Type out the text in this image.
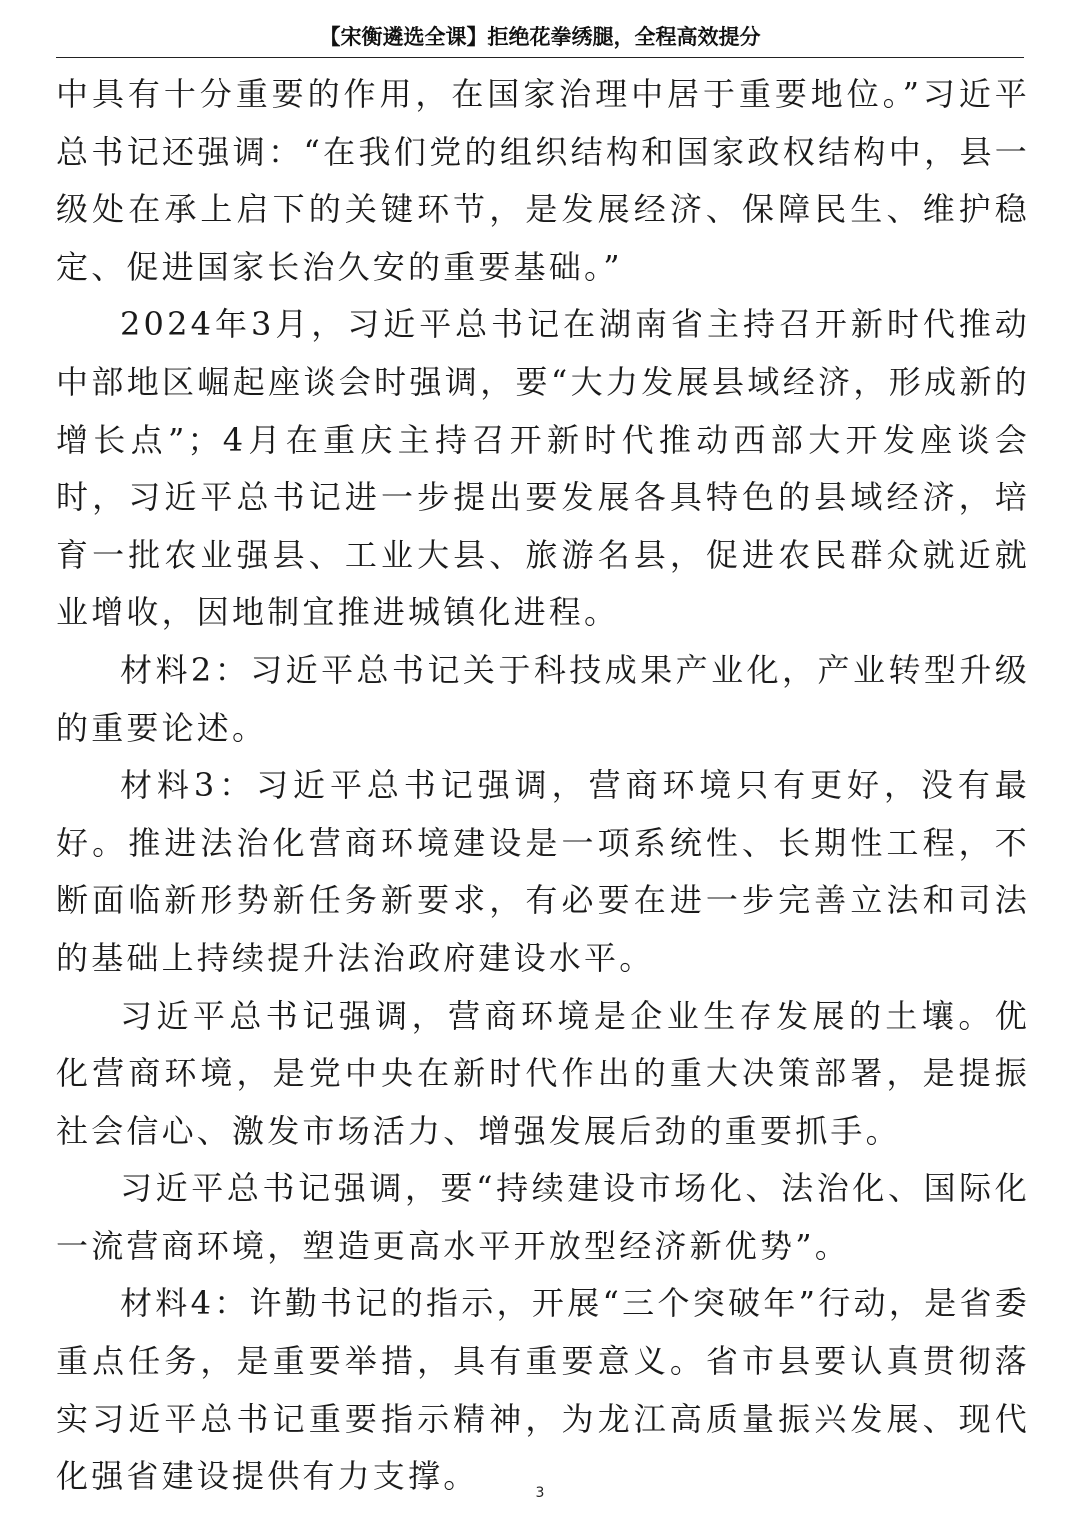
【宋衡遴选全课】拒绝花拳绣腿，全程高效提分

中具有十分重要的作用，在国家治理中居于重要地位。”习近平总书记还强调：“在我们党的组织结构和国家政权结构中，县一级处在承上启下的关键环节，是发展经济、保障民生、维护稳定、促进国家长治久安的重要基础。”

2024年3月，习近平总书记在湖南省主持召开新时代推动中部地区崛起座谈会时强调，要“大力发展县域经济，形成新的增长点”；4月在重庆主持召开新时代推动西部大开发座谈会时，习近平总书记进一步提出要发展各具特色的县域经济，培育一批农业强县、工业大县、旅游名县，促进农民群众就近就业增收，因地制宜推进城镇化进程。

材料2：习近平总书记关于科技成果产业化，产业转型升级的重要论述。

材料3：习近平总书记强调，营商环境只有更好，没有最好。推进法治化营商环境建设是一项系统性、长期性工程，不断面临新形势新任务新要求，有必要在进一步完善立法和司法的基础上持续提升法治政府建设水平。

习近平总书记强调，营商环境是企业生存发展的土壤。优化营商环境，是党中央在新时代作出的重大决策部署，是提振社会信心、激发市场活力、增强发展后劲的重要抓手。

习近平总书记强调，要“持续建设市场化、法治化、国际化一流营商环境，塑造更高水平开放型经济新优势”。

材料4：许勤书记的指示，开展“三个突破年”行动，是省委重点任务，是重要举措，具有重要意义。省市县要认真贯彻落实习近平总书记重要指示精神，为龙江高质量振兴发展、现代化强省建设提供有力支撑。	3
